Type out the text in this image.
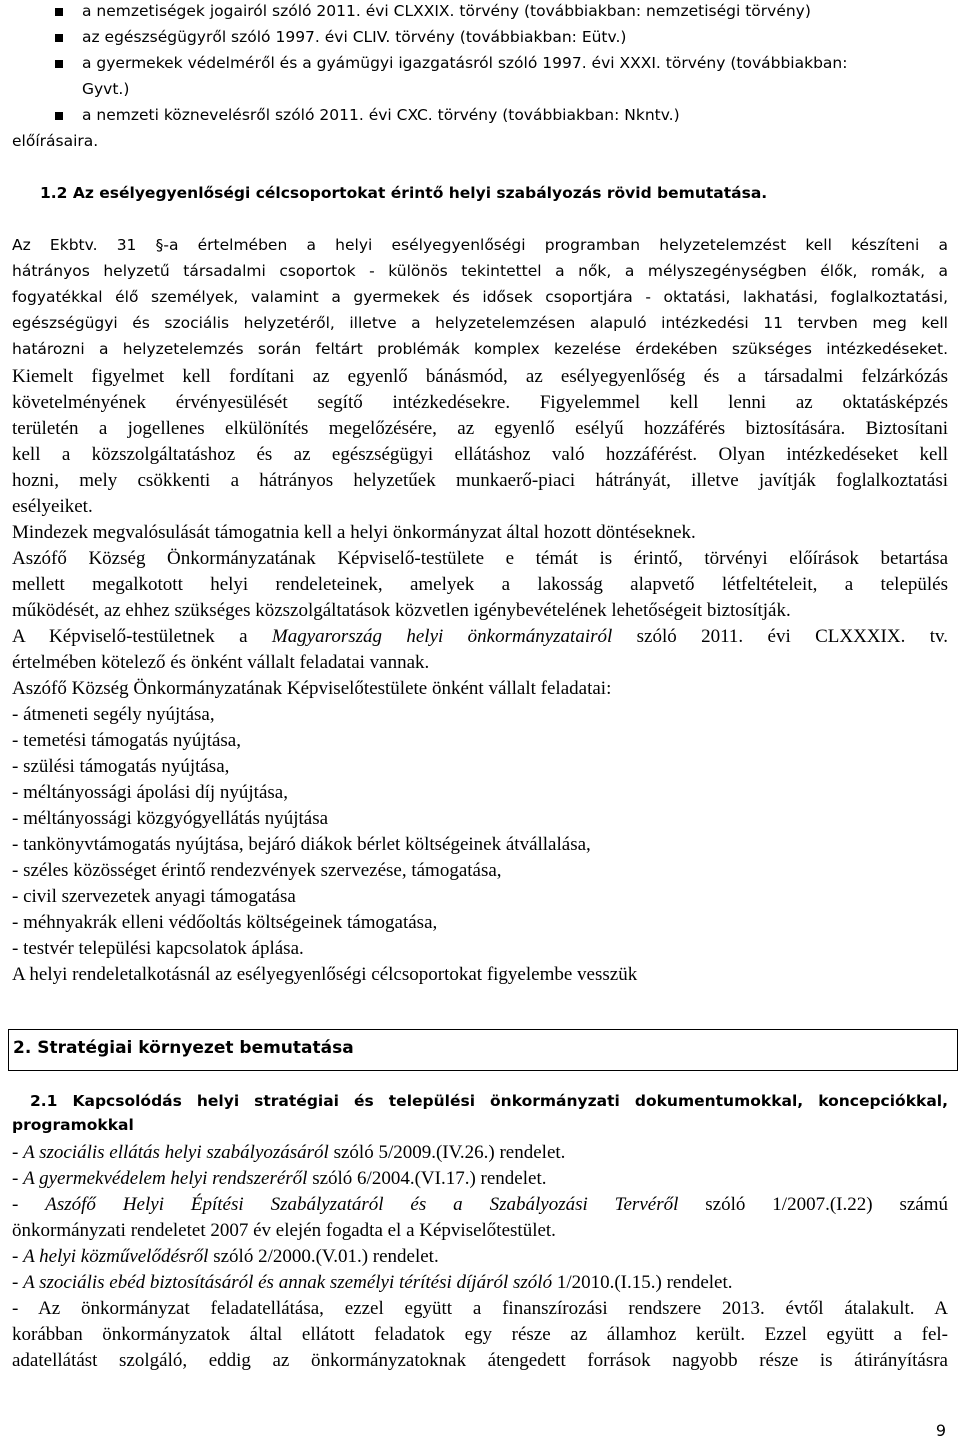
a nemzetiségek jogairól szóló 2011. évi CLXXIX. törvény (továbbiakban: nemzetiségi törvény)
az egészségügyről szóló 1997. évi CLIV. törvény (továbbiakban: Eütv.)
a gyermekek védelméről és a gyámügyi igazgatásról szóló 1997. évi XXXI. törvény (továbbiakban:
Gyvt.)
a nemzeti köznevelésről szóló 2011. évi CXC. törvény (továbbiakban: Nkntv.)
előírásaira.
1.2 Az esélyegyenlőségi célcsoportokat érintő helyi szabályozás rövid bemutatása.
Az Ekbtv. 31 §-a értelmében a helyi esélyegyenlőségi programban helyzetelemzést kell készíteni a
hátrányos helyzetű társadalmi csoportok - különös tekintettel a nők, a mélyszegénységben élők, romák, a
fogyatékkal élő személyek, valamint a gyermekek és idősek csoportjára - oktatási, lakhatási, foglalkoztatási,
egészségügyi és szociális helyzetéről, illetve a helyzetelemzésen alapuló intézkedési 11 tervben meg kell
határozni a helyzetelemzés során feltárt problémák komplex kezelése érdekében szükséges intézkedéseket.
Kiemelt figyelmet kell fordítani az egyenlő bánásmód, az esélyegyenlőség és a társadalmi felzárkózás
követelményének érvényesülését segítő intézkedésekre. Figyelemmel kell lenni az oktatásképzés
területén a jogellenes elkülönítés megelőzésére, az egyenlő esélyű hozzáférés biztosítására. Biztosítani
kell a közszolgáltatáshoz és az egészségügyi ellátáshoz való hozzáférést. Olyan intézkedéseket kell
hozni, mely csökkenti a hátrányos helyzetűek munkaerő-piaci hátrányát, illetve javítják foglalkoztatási
esélyeiket.
Mindezek megvalósulását támogatnia kell a helyi önkormányzat által hozott döntéseknek.
Aszófő Község Önkormányzatának Képviselő-testülete e témát is érintő, törvényi előírások betartása
mellett megalkotott helyi rendeleteinek, amelyek a lakosság alapvető létfeltételeit, a település
működését, az ehhez szükséges közszolgáltatások közvetlen igénybevételének lehetőségeit biztosítják.
A Képviselő-testületnek a Magyarország helyi önkormányzatairól szóló 2011. évi CLXXXIX. tv.
értelmében kötelező és önként vállalt feladatai vannak.
Aszófő Község Önkormányzatának Képviselőtestülete önként vállalt feladatai:
- átmeneti segély nyújtása,
- temetési támogatás nyújtása,
- szülési támogatás nyújtása,
- méltányossági ápolási díj nyújtása,
- méltányossági közgyógyellátás nyújtása
- tankönyvtámogatás nyújtása, bejáró diákok bérlet költségeinek átvállalása,
- széles közösséget érintő rendezvények szervezése, támogatása,
- civil szervezetek anyagi támogatása
- méhnyakrák elleni védőoltás költségeinek támogatása,
- testvér települési kapcsolatok áplása.
A helyi rendeletalkotásnál az esélyegyenlőségi célcsoportokat figyelembe vesszük
2. Stratégiai környezet bemutatása
2.1 Kapcsolódás helyi stratégiai és települési önkormányzati dokumentumokkal, koncepciókkal,
programokkal
- A szociális ellátás helyi szabályozásáról szóló 5/2009.(IV.26.) rendelet.
- A gyermekvédelem helyi rendszeréről szóló 6/2004.(VI.17.) rendelet.
- Aszófő Helyi Építési Szabályzatáról és a Szabályozási Tervéről szóló 1/2007.(I.22) számú
önkormányzati rendeletet 2007 év elején fogadta el a Képviselőtestület.
- A helyi közművelődésről szóló 2/2000.(V.01.) rendelet.
- A szociális ebéd biztosításáról és annak személyi térítési díjáról szóló 1/2010.(I.15.) rendelet.
- Az önkormányzat feladatellátása, ezzel együtt a finanszírozási rendszere 2013. évtől átalakult. A
korábban önkormányzatok által ellátott feladatok egy része az államhoz került. Ezzel együtt a fel-
adatellátást szolgáló, eddig az önkormányzatoknak átengedett források nagyobb része is átirányításra
9
